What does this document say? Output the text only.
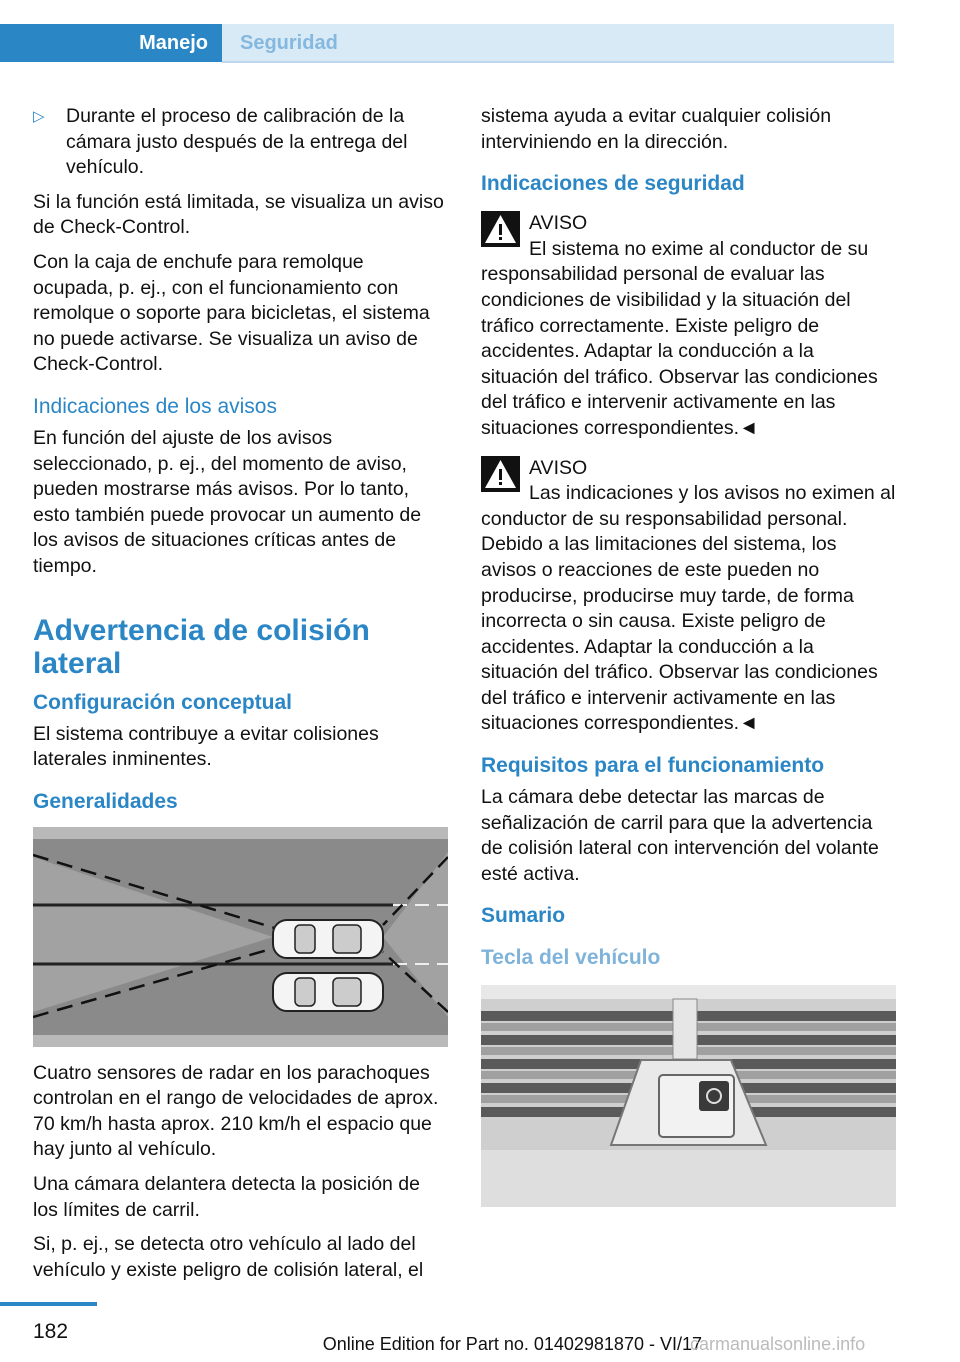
Manejo	Seguridad
▷ Durante el proceso de calibración de la cámara justo después de la entrega del vehículo.

Si la función está limitada, se visualiza un aviso de Check-Control.

Con la caja de enchufe para remolque ocupada, p. ej., con el funcionamiento con remolque o soporte para bicicletas, el sistema no puede activarse. Se visualiza un aviso de Check-Control.

Indicaciones de los avisos

En función del ajuste de los avisos seleccionado, p. ej., del momento de aviso, pueden mostrarse más avisos. Por lo tanto, esto también puede provocar un aumento de los avisos de situaciones críticas antes de tiempo.

Advertencia de colisión lateral
Configuración conceptual

El sistema contribuye a evitar colisiones laterales inminentes.

Generalidades

Cuatro sensores de radar en los parachoques controlan en el rango de velocidades de aprox. 70 km/h hasta aprox. 210 km/h el espacio que hay junto al vehículo.

Una cámara delantera detecta la posición de los límites de carril.

Si, p. ej., se detecta otro vehículo al lado del vehículo y existe peligro de colisión lateral, el

sistema ayuda a evitar cualquier colisión interviniendo en la dirección.

Indicaciones de seguridad
AVISO
El sistema no exime al conductor de su responsabilidad personal de evaluar las condiciones de visibilidad y la situación del tráfico correctamente. Existe peligro de accidentes. Adaptar la conducción a la situación del tráfico. Observar las condiciones del tráfico e intervenir activamente en las situaciones correspondientes.◄
AVISO
Las indicaciones y los avisos no eximen al conductor de su responsabilidad personal. Debido a las limitaciones del sistema, los avisos o reacciones de este pueden no producirse, producirse muy tarde, de forma incorrecta o sin causa. Existe peligro de accidentes. Adaptar la conducción a la situación del tráfico. Observar las condiciones del tráfico e intervenir activamente en las situaciones correspondientes.◄
Requisitos para el funcionamiento

La cámara debe detectar las marcas de señalización de carril para que la advertencia de colisión lateral con intervención del volante esté activa.

Sumario
Tecla del vehículo
182
Online Edition for Part no. 01402981870 - VI/17
carmanualsonline.info
